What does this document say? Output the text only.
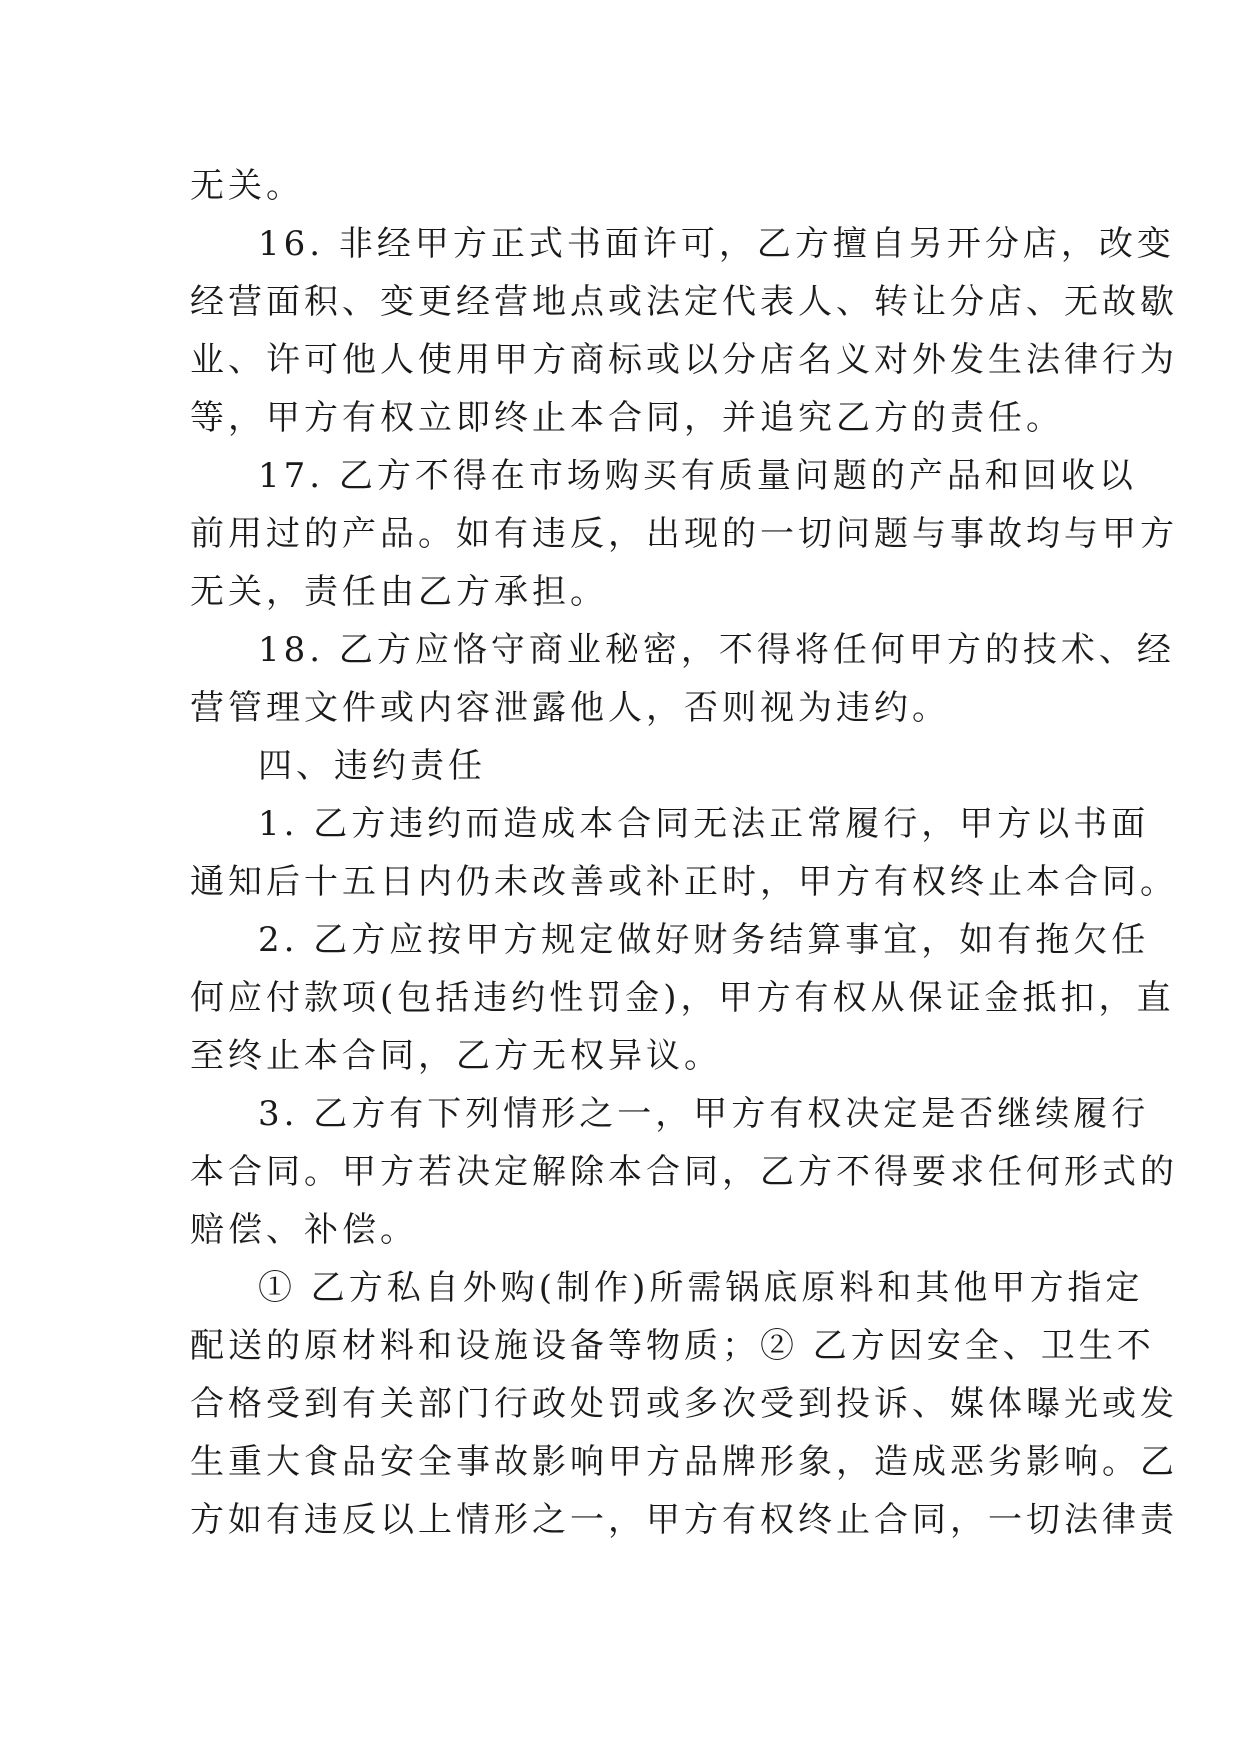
无关。

16. 非经甲方正式书面许可，乙方擅自另开分店，改变

经营面积、变更经营地点或法定代表人、转让分店、无故歇

业、许可他人使用甲方商标或以分店名义对外发生法律行为

等，甲方有权立即终止本合同，并追究乙方的责任。

17. 乙方不得在市场购买有质量问题的产品和回收以

前用过的产品。如有违反，出现的一切问题与事故均与甲方

无关，责任由乙方承担。

18. 乙方应恪守商业秘密，不得将任何甲方的技术、经

营管理文件或内容泄露他人，否则视为违约。

四、违约责任

1. 乙方违约而造成本合同无法正常履行，甲方以书面

通知后十五日内仍未改善或补正时，甲方有权终止本合同。

2. 乙方应按甲方规定做好财务结算事宜，如有拖欠任

何应付款项(包括违约性罚金)，甲方有权从保证金抵扣，直

至终止本合同，乙方无权异议。

3. 乙方有下列情形之一，甲方有权决定是否继续履行

本合同。甲方若决定解除本合同，乙方不得要求任何形式的

赔偿、补偿。

① 乙方私自外购(制作)所需锅底原料和其他甲方指定

配送的原材料和设施设备等物质；② 乙方因安全、卫生不

合格受到有关部门行政处罚或多次受到投诉、媒体曝光或发

生重大食品安全事故影响甲方品牌形象，造成恶劣影响。乙

方如有违反以上情形之一，甲方有权终止合同，一切法律责
